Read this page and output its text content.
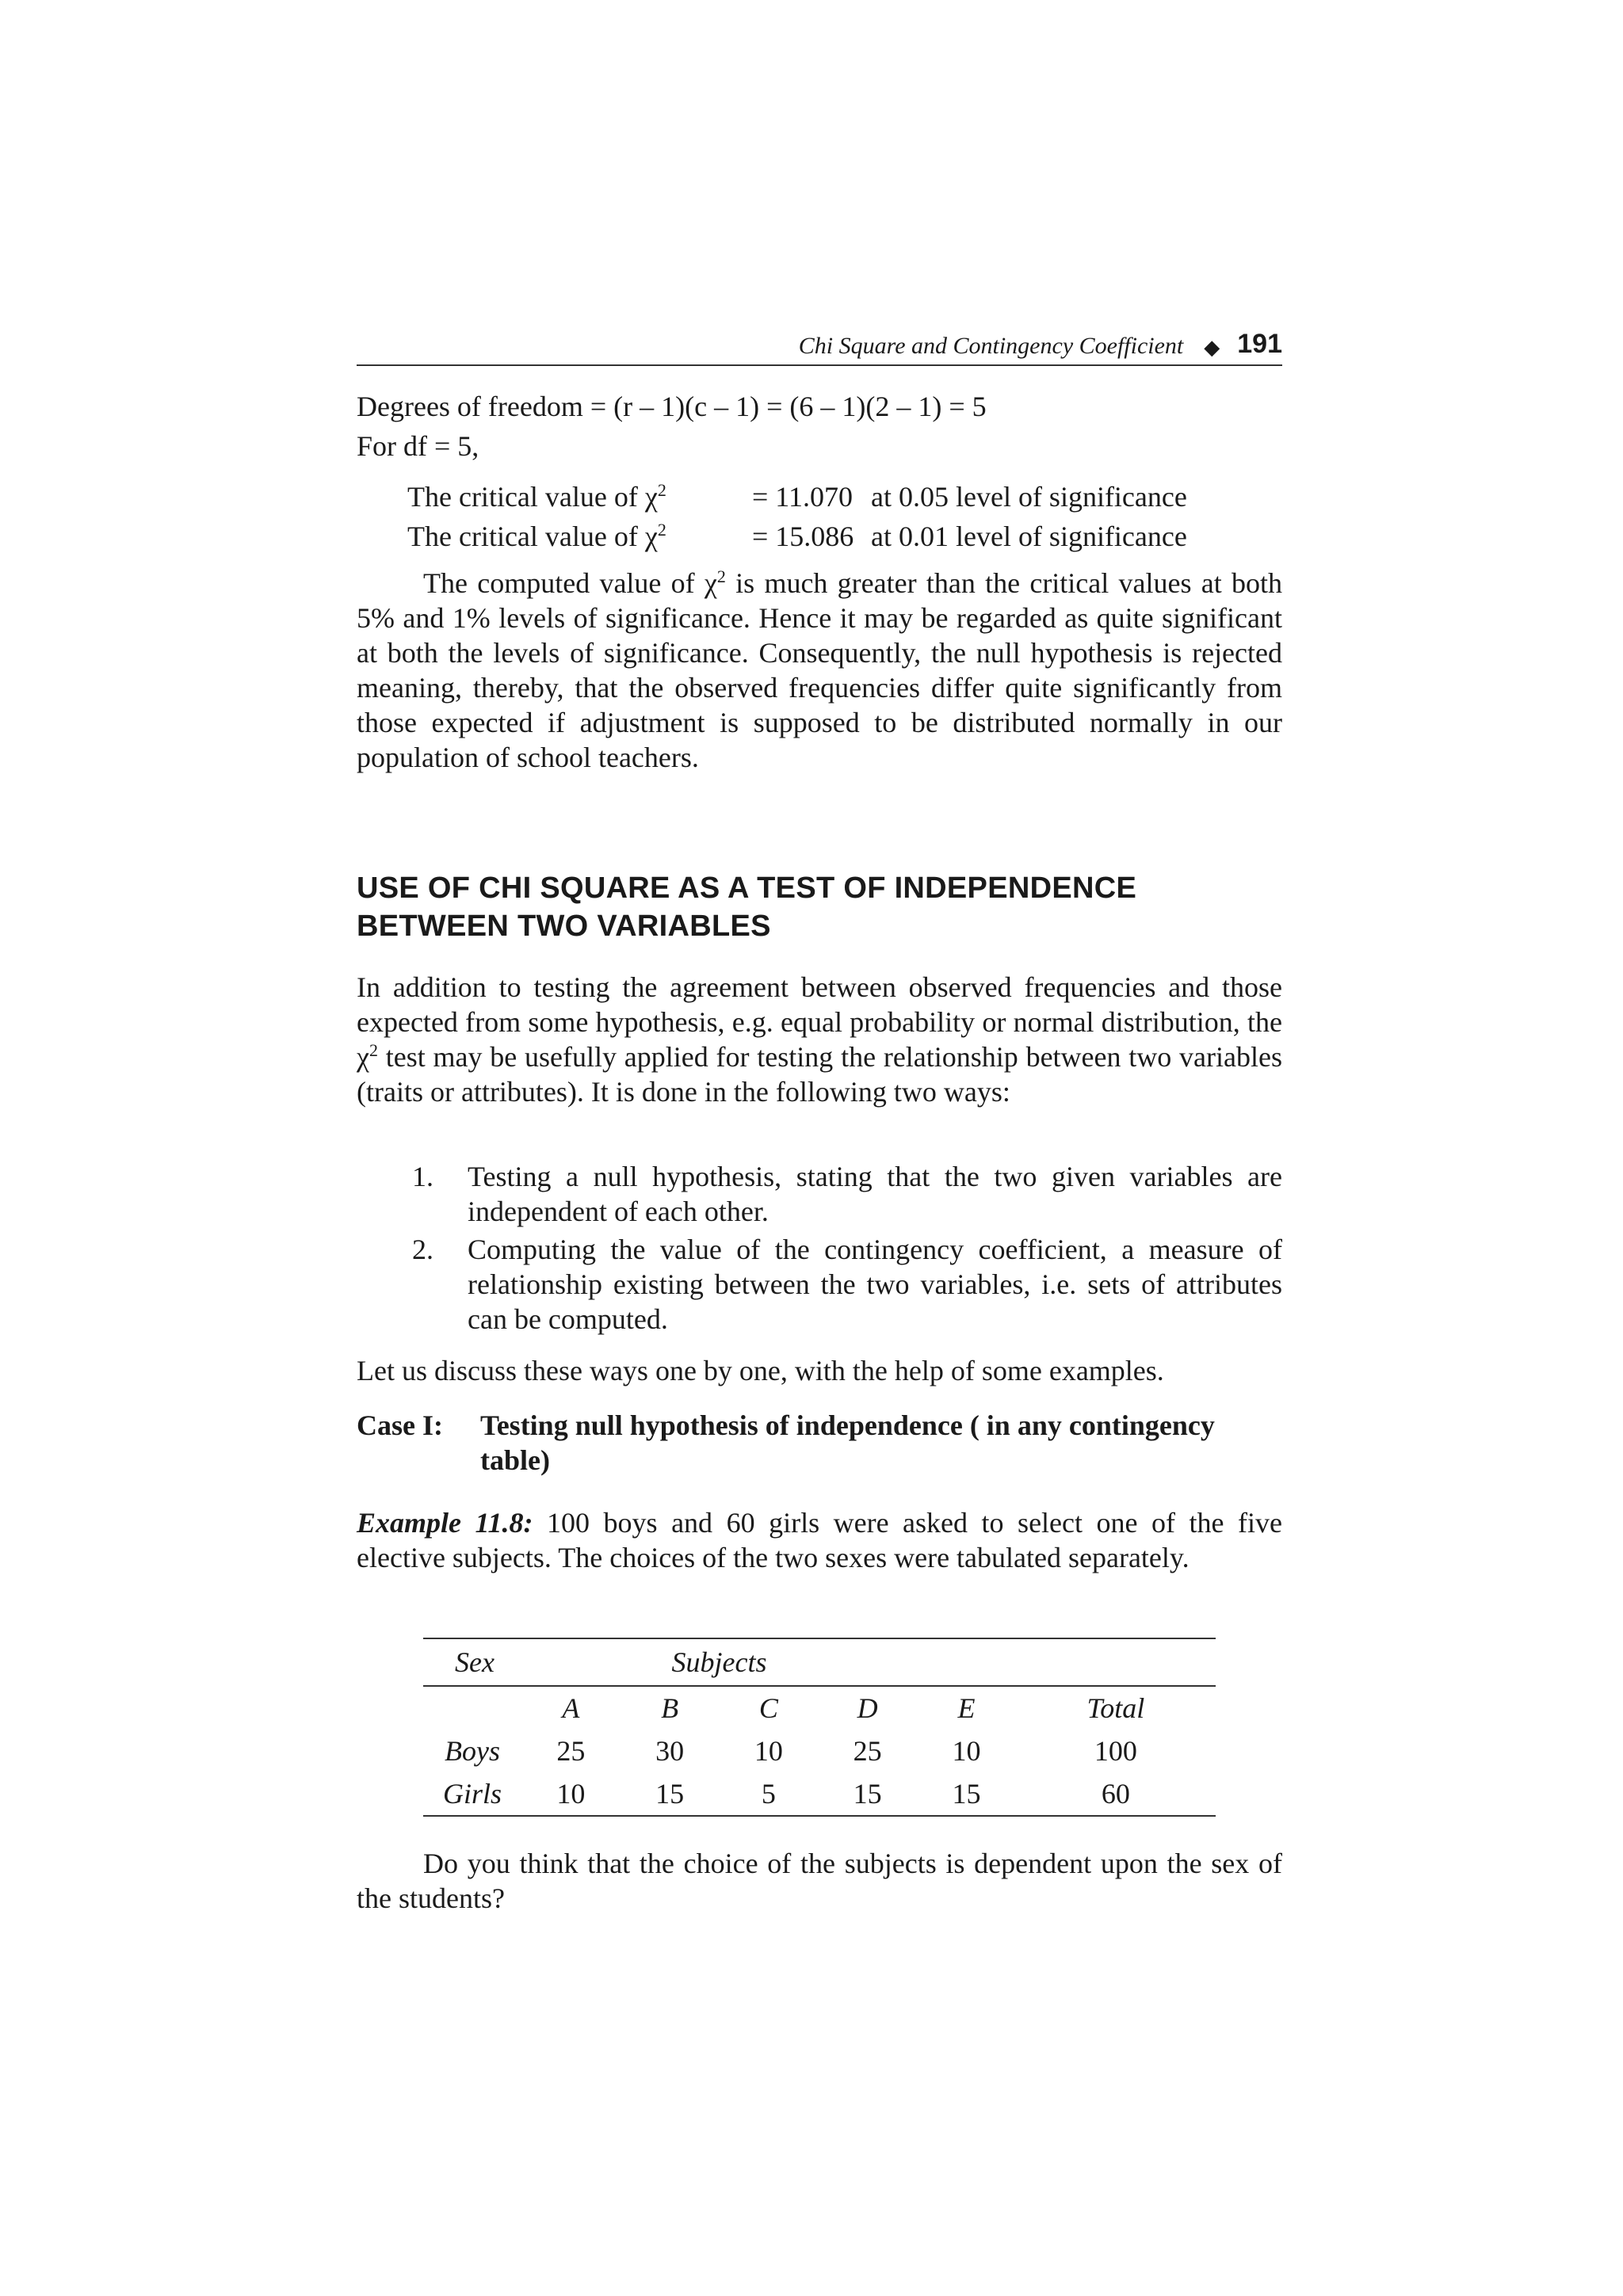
Chi Square and Contingency Coefficient ◆ 191
Degrees of freedom = (r – 1)(c – 1) = (6 – 1)(2 – 1) = 5
For df = 5,
The critical value of $\chi^2$	= 11.070 at 0.05 level of significance
The critical value of $\chi^2$	= 15.086 at 0.01 level of significance

The computed value of $\chi^2$ is much greater than the critical values at both 5% and 1% levels of significance. Hence it may be regarded as quite significant at both the levels of significance. Consequently, the null hypothesis is rejected meaning, thereby, that the observed frequencies differ quite significantly from those expected if adjustment is supposed to be distributed normally in our population of school teachers.

USE OF CHI SQUARE AS A TEST OF INDEPENDENCE
BETWEEN TWO VARIABLES

In addition to testing the agreement between observed frequencies and those expected from some hypothesis, e.g. equal probability or normal distribution, the $\chi^2$ test may be usefully applied for testing the relationship between two variables (traits or attributes). It is done in the following two ways:

1.	Testing a null hypothesis, stating that the two given variables are independent of each other.
2.	Computing the value of the contingency coefficient, a measure of relationship existing between the two variables, i.e. sets of attributes can be computed.

Let us discuss these ways one by one, with the help of some examples.

Case I:	Testing null hypothesis of independence ( in any contingency table)

Example 11.8: 100 boys and 60 girls were asked to select one of the five elective subjects. The choices of the two sexes were tabulated separately.

Sex	Subjects					
	A	B	C	D	E	Total
Boys	25	30	10	25	10	100
Girls	10	15	5	15	15	60

Do you think that the choice of the subjects is dependent upon the sex of the students?
